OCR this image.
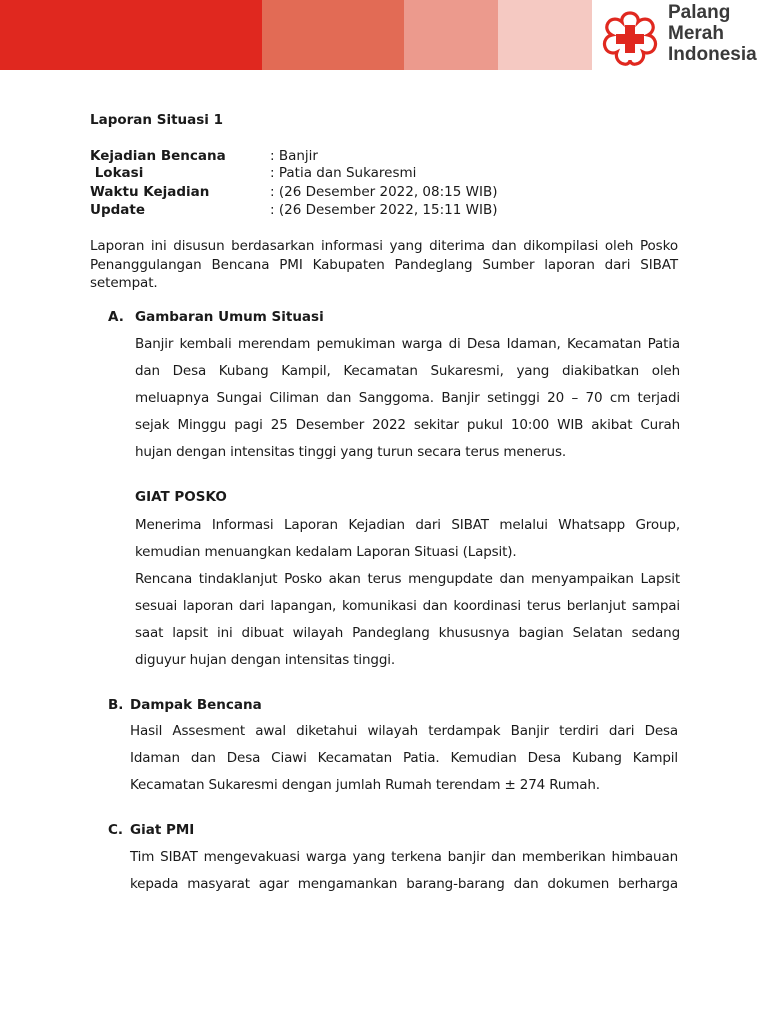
Palang
Merah
Indonesia
Laporan Situasi 1
Kejadian Bencana	: Banjir
Lokasi	: Patia dan Sukaresmi
Waktu Kejadian	: (26 Desember 2022, 08:15 WIB)
Update	: (26 Desember 2022, 15:11 WIB)
Laporan ini disusun berdasarkan informasi yang diterima dan dikompilasi oleh Posko Penanggulangan Bencana PMI Kabupaten Pandeglang Sumber laporan dari SIBAT setempat.
A. Gambaran Umum Situasi
Banjir kembali merendam pemukiman warga di Desa Idaman, Kecamatan Patia
dan Desa Kubang Kampil, Kecamatan Sukaresmi, yang diakibatkan oleh
meluapnya Sungai Ciliman dan Sanggoma. Banjir setinggi 20 – 70 cm terjadi
sejak Minggu pagi 25 Desember 2022 sekitar pukul 10:00 WIB akibat Curah
hujan dengan intensitas tinggi yang turun secara terus menerus.
GIAT POSKO
Menerima Informasi Laporan Kejadian dari SIBAT melalui Whatsapp Group,
kemudian menuangkan kedalam Laporan Situasi (Lapsit).
Rencana tindaklanjut Posko akan terus mengupdate dan menyampaikan Lapsit
sesuai laporan dari lapangan, komunikasi dan koordinasi terus berlanjut sampai
saat lapsit ini dibuat wilayah Pandeglang khususnya bagian Selatan sedang
diguyur hujan dengan intensitas tinggi.
B. Dampak Bencana
Hasil Assesment awal diketahui wilayah terdampak Banjir terdiri dari Desa
Idaman dan Desa Ciawi Kecamatan Patia. Kemudian Desa Kubang Kampil
Kecamatan Sukaresmi dengan jumlah Rumah terendam ± 274 Rumah.
C. Giat PMI
Tim SIBAT mengevakuasi warga yang terkena banjir dan memberikan himbauan
kepada masyarat agar mengamankan barang-barang dan dokumen berharga
